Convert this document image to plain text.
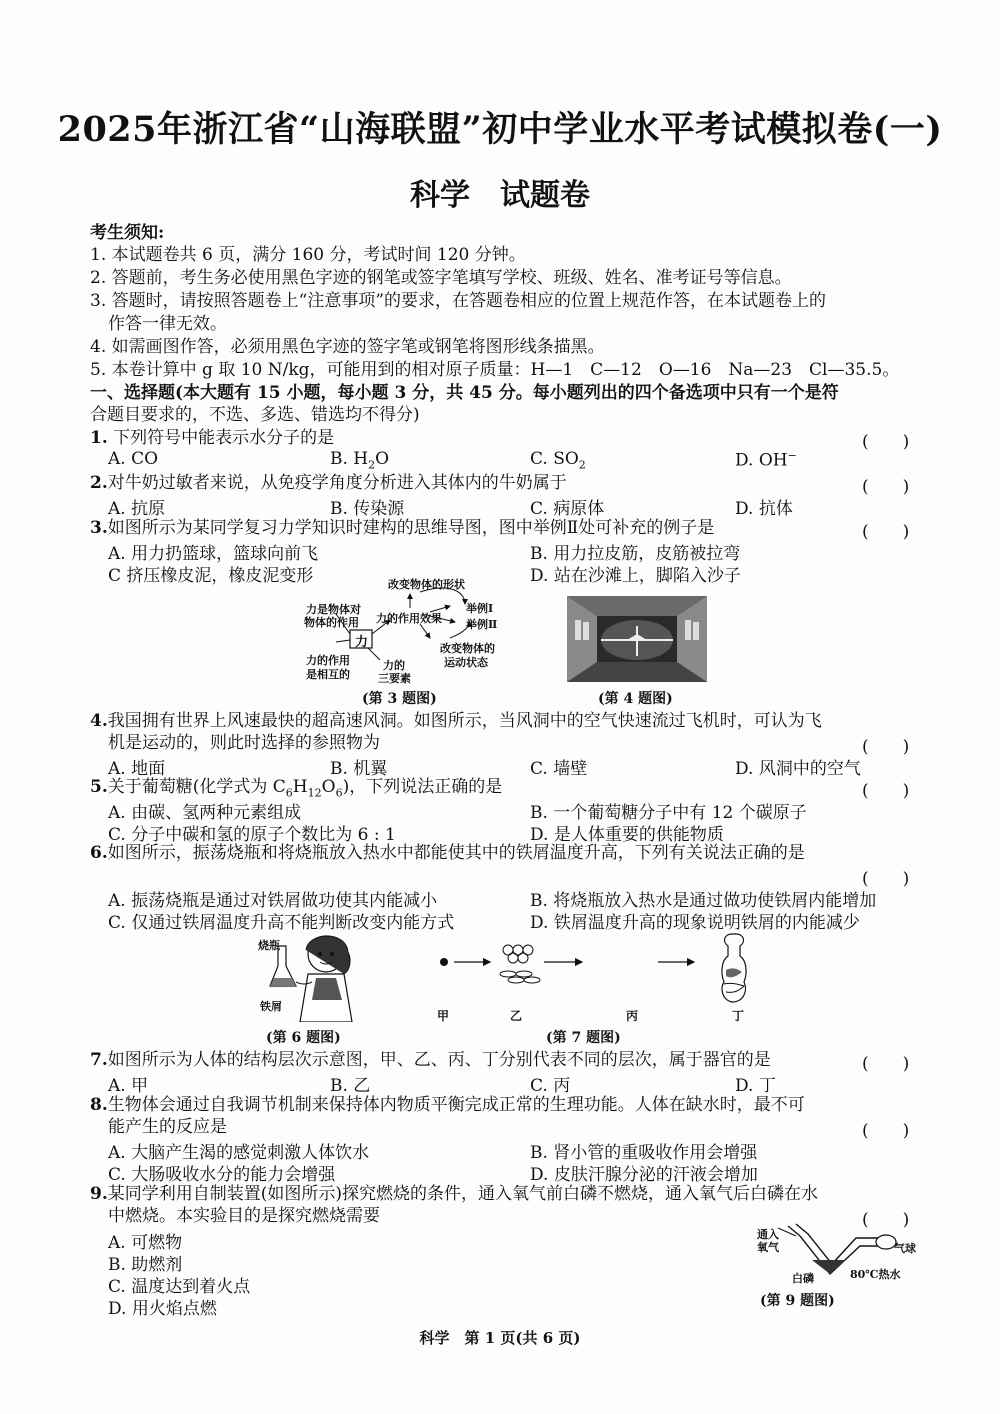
2025年浙江省“山海联盟”初中学业水平考试模拟卷(一)
科学　试题卷
考生须知:
1. 本试题卷共 6 页，满分 160 分，考试时间 120 分钟。
2. 答题前，考生务必使用黑色字迹的钢笔或签字笔填写学校、班级、姓名、准考证号等信息。
3. 答题时，请按照答题卷上“注意事项”的要求，在答题卷相应的位置上规范作答，在本试题卷上的
作答一律无效。
4. 如需画图作答，必须用黑色字迹的签字笔或钢笔将图形线条描黑。
5. 本卷计算中 g 取 10 N/kg，可能用到的相对原子质量：H—1　C—12　O—16　Na—23　Cl—35.5。
一、选择题(本大题有 15 小题，每小题 3 分，共 45 分。每小题列出的四个备选项中只有一个是符
合题目要求的，不选、多选、错选均不得分)
1. 下列符号中能表示水分子的是	(　　)
A. CO	B. $H_2O$	C. $SO_2$	D. OH−
2.对牛奶过敏者来说，从免疫学角度分析进入其体内的牛奶属于	(　　)
A. 抗原	B. 传染源	C. 病原体	D. 抗体
3.如图所示为某同学复习力学知识时建构的思维导图，图中举例Ⅱ处可补充的例子是	(　　)
A. 用力扔篮球，篮球向前飞	B. 用力拉皮筋，皮筋被拉弯
C 挤压橡皮泥，橡皮泥变形	D. 站在沙滩上，脚陷入沙子
改变物体的形状
力是物体对
物体的作用 力的作用效果
举例Ⅰ
举例Ⅱ
力	改变物体的
运动状态
力的作用
是相互的
力的
三要素
(第 3 题图)	(第 4 题图)
4.我国拥有世界上风速最快的超高速风洞。如图所示，当风洞中的空气快速流过飞机时，可认为飞
机是运动的，则此时选择的参照物为	(　　)
A. 地面	B. 机翼	C. 墙壁	D. 风洞中的空气
5.关于葡萄糖(化学式为 $C_6H_{12}O_6$)，下列说法正确的是	(　　)
A. 由碳、氢两种元素组成	B. 一个葡萄糖分子中有 12 个碳原子
C. 分子中碳和氢的原子个数比为 6 : 1	D. 是人体重要的供能物质
6.如图所示，振荡烧瓶和将烧瓶放入热水中都能使其中的铁屑温度升高，下列有关说法正确的是
(　　)
A. 振荡烧瓶是通过对铁屑做功使其内能减小	B. 将烧瓶放入热水是通过做功使铁屑内能增加
C. 仅通过铁屑温度升高不能判断改变内能方式	D. 铁屑温度升高的现象说明铁屑的内能减少
烧瓶
铁屑
(第 6 题图)
甲	乙	丙	丁
(第 7 题图)
7.如图所示为人体的结构层次示意图，甲、乙、丙、丁分别代表不同的层次，属于器官的是	(　　)
A. 甲	B. 乙	C. 丙	D. 丁
8.生物体会通过自我调节机制来保持体内物质平衡完成正常的生理功能。人体在缺水时，最不可
能产生的反应是	(　　)
A. 大脑产生渴的感觉刺激人体饮水	B. 肾小管的重吸收作用会增强
C. 大肠吸收水分的能力会增强	D. 皮肤汗腺分泌的汗液会增加
9.某同学利用自制装置(如图所示)探究燃烧的条件，通入氧气前白磷不燃烧，通入氧气后白磷在水
中燃烧。本实验目的是探究燃烧需要	(　　)
A. 可燃物
B. 助燃剂
C. 温度达到着火点
D. 用火焰点燃
通入
氧气	气球
白磷	80℃热水
(第 9 题图)
科学　第 1 页(共 6 页)
